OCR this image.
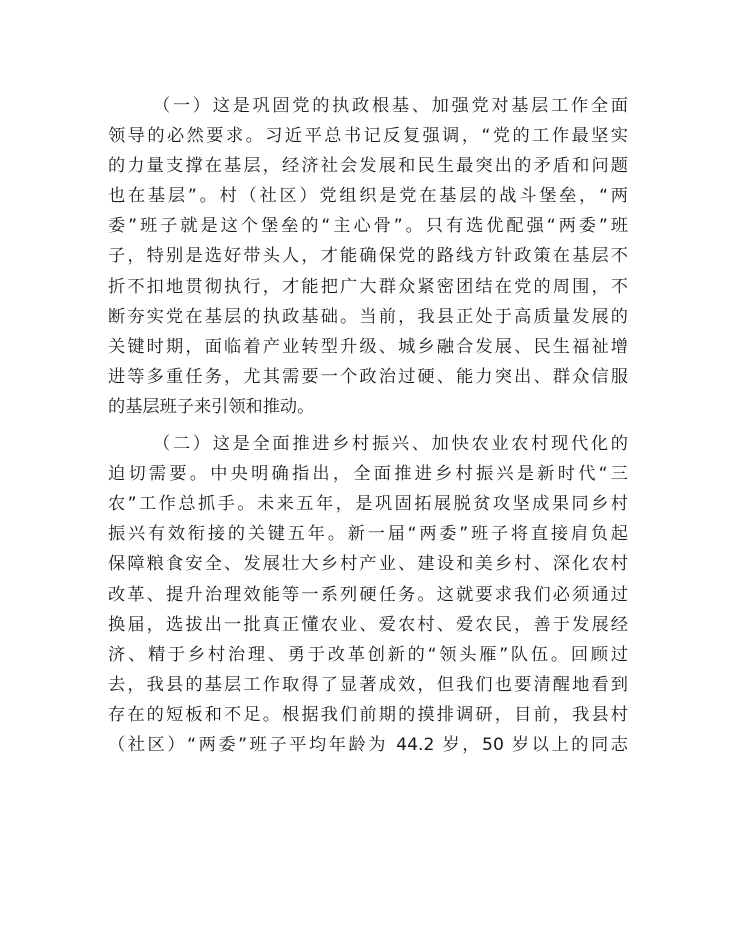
（一）这是巩固党的执政根基、加强党对基层工作全面
领导的必然要求。习近平总书记反复强调，“党的工作最坚实
的力量支撑在基层，经济社会发展和民生最突出的矛盾和问题
也在基层”。村（社区）党组织是党在基层的战斗堡垒，“两
委”班子就是这个堡垒的“主心骨”。只有选优配强“两委”班
子，特别是选好带头人，才能确保党的路线方针政策在基层不
折不扣地贯彻执行，才能把广大群众紧密团结在党的周围，不
断夯实党在基层的执政基础。当前，我县正处于高质量发展的
关键时期，面临着产业转型升级、城乡融合发展、民生福祉增
进等多重任务，尤其需要一个政治过硬、能力突出、群众信服
的基层班子来引领和推动。

（二）这是全面推进乡村振兴、加快农业农村现代化的
迫切需要。中央明确指出，全面推进乡村振兴是新时代“三
农”工作总抓手。未来五年，是巩固拓展脱贫攻坚成果同乡村
振兴有效衔接的关键五年。新一届“两委”班子将直接肩负起
保障粮食安全、发展壮大乡村产业、建设和美乡村、深化农村
改革、提升治理效能等一系列硬任务。这就要求我们必须通过
换届，选拔出一批真正懂农业、爱农村、爱农民，善于发展经
济、精于乡村治理、勇于改革创新的“领头雁”队伍。回顾过
去，我县的基层工作取得了显著成效，但我们也要清醒地看到
存在的短板和不足。根据我们前期的摸排调研，目前，我县村
（社区）“两委”班子平均年龄为 44.2 岁，50 岁以上的同志
